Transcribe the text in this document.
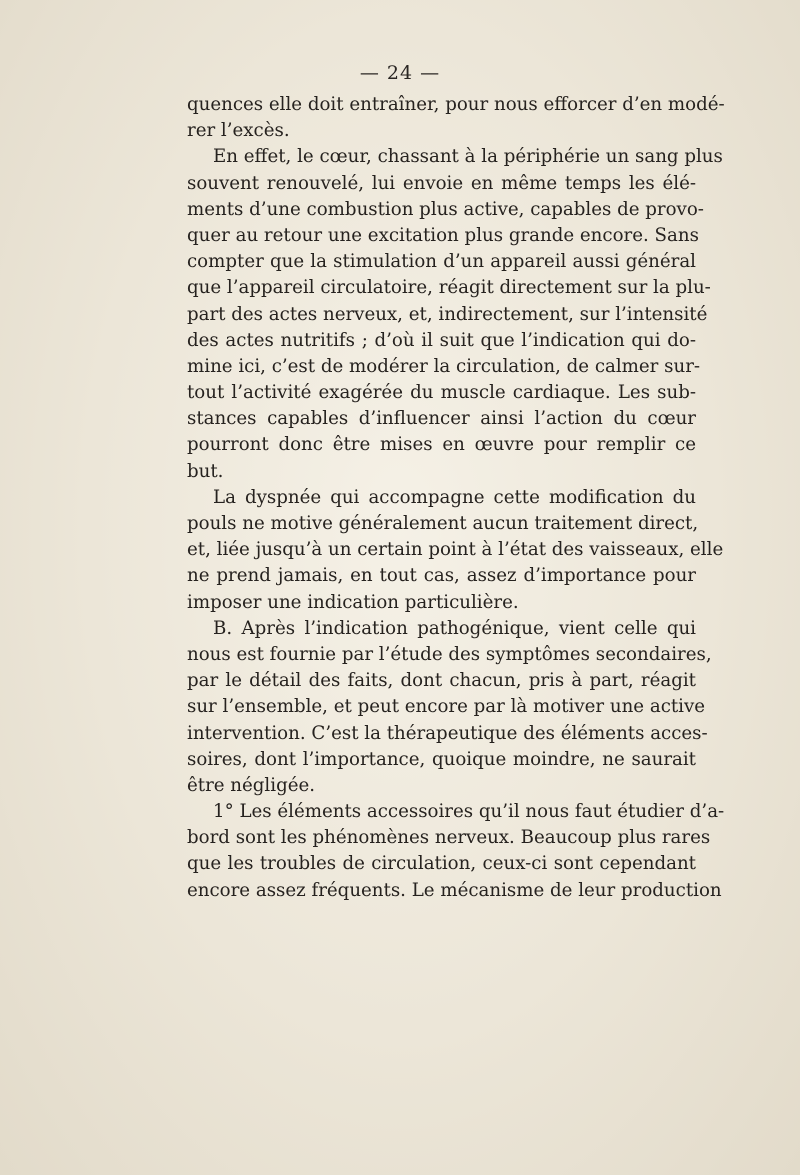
— 24 —
quences elle doit entraîner, pour nous efforcer d’en modé-
rer l’excès.
En effet, le cœur, chassant à la périphérie un sang plus
souvent renouvelé, lui envoie en même temps les élé-
ments d’une combustion plus active, capables de provo-
quer au retour une excitation plus grande encore. Sans
compter que la stimulation d’un appareil aussi général
que l’appareil circulatoire, réagit directement sur la plu-
part des actes nerveux, et, indirectement, sur l’intensité
des actes nutritifs ; d’où il suit que l’indication qui do-
mine ici, c’est de modérer la circulation, de calmer sur-
tout l’activité exagérée du muscle cardiaque. Les sub-
stances capables d’influencer ainsi l’action du cœur
pourront donc être mises en œuvre pour remplir ce
but.
La dyspnée qui accompagne cette modification du
pouls ne motive généralement aucun traitement direct,
et, liée jusqu’à un certain point à l’état des vaisseaux, elle
ne prend jamais, en tout cas, assez d’importance pour
imposer une indication particulière.
B. Après l’indication pathogénique, vient celle qui
nous est fournie par l’étude des symptômes secondaires,
par le détail des faits, dont chacun, pris à part, réagit
sur l’ensemble, et peut encore par là motiver une active
intervention. C’est la thérapeutique des éléments acces-
soires, dont l’importance, quoique moindre, ne saurait
être négligée.
1° Les éléments accessoires qu’il nous faut étudier d’a-
bord sont les phénomènes nerveux. Beaucoup plus rares
que les troubles de circulation, ceux-ci sont cependant
encore assez fréquents. Le mécanisme de leur production
